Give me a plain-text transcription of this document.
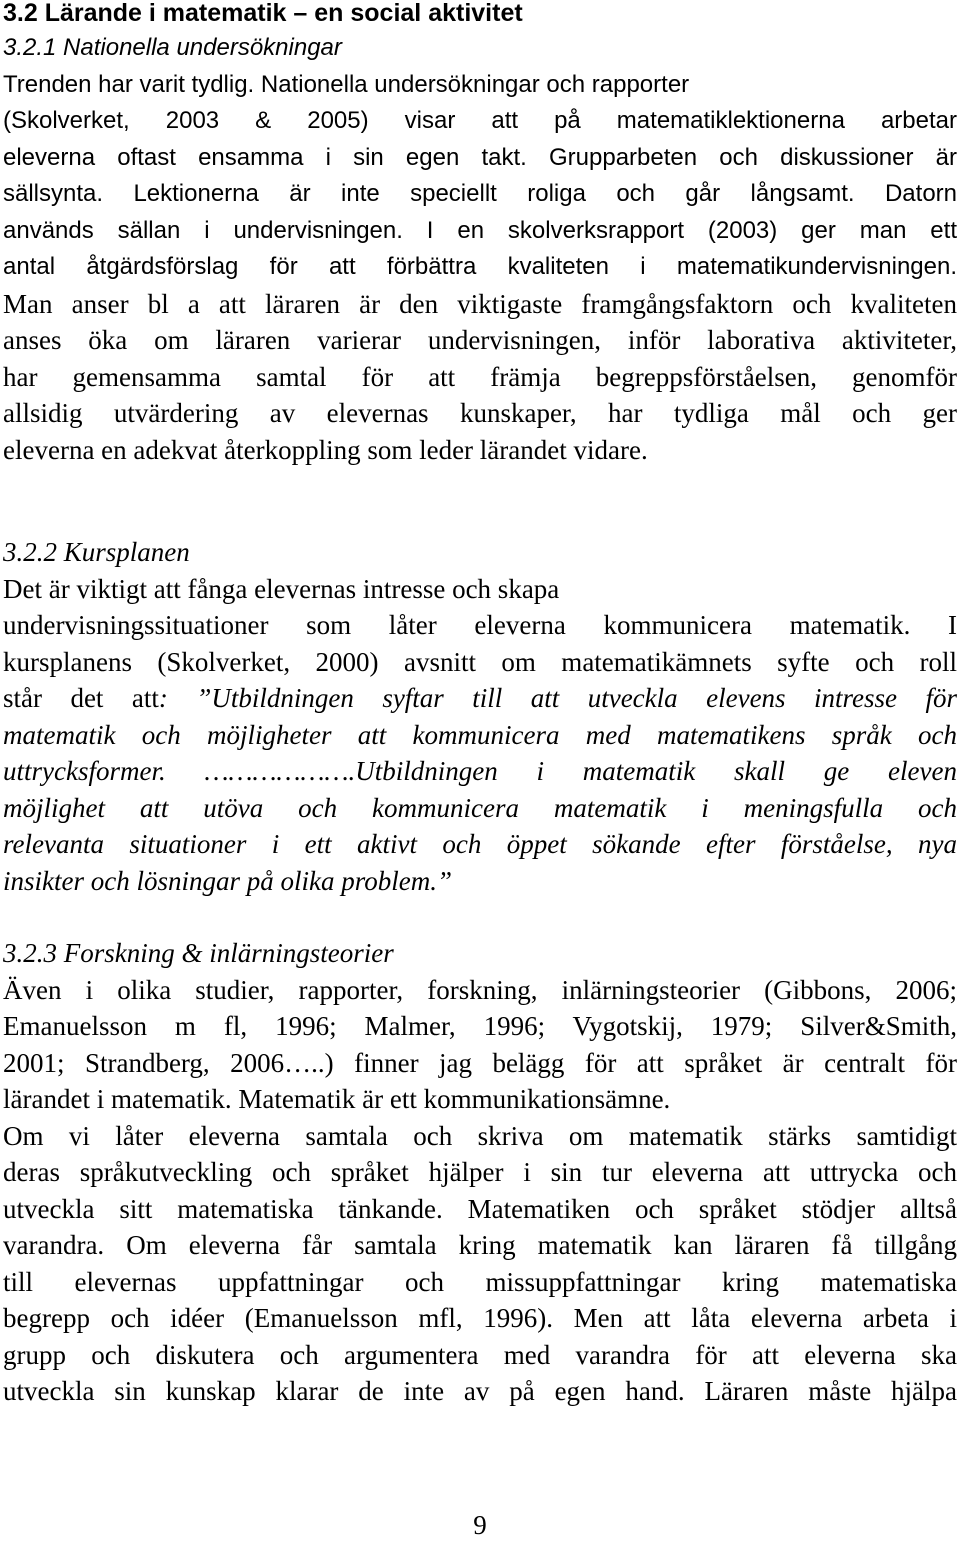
3.2 Lärande i matematik – en social aktivitet
3.2.1 Nationella undersökningar
Trenden har varit tydlig. Nationella undersökningar och rapporter
(Skolverket, 2003 & 2005) visar att på matematiklektionerna arbetar
eleverna oftast ensamma i sin egen takt. Grupparbeten och diskussioner är
sällsynta. Lektionerna är inte speciellt roliga och går långsamt. Datorn
används sällan i undervisningen. I en skolverksrapport (2003) ger man ett
antal åtgärdsförslag för att förbättra kvaliteten i matematikundervisningen.
Man anser bl a att läraren är den viktigaste framgångsfaktorn och kvaliteten
anses öka om läraren varierar undervisningen, inför laborativa aktiviteter,
har gemensamma samtal för att främja begreppsförståelsen, genomför
allsidig utvärdering av elevernas kunskaper, har tydliga mål och ger
eleverna en adekvat återkoppling som leder lärandet vidare.
3.2.2 Kursplanen
Det är viktigt att fånga elevernas intresse och skapa
undervisningssituationer som låter eleverna kommunicera matematik. I
kursplanens (Skolverket, 2000) avsnitt om matematikämnets syfte och roll
står det att: ”Utbildningen syftar till att utveckla elevens intresse för
matematik och möjligheter att kommunicera med matematikens språk och
uttrycksformer. ……………….Utbildningen i matematik skall ge eleven
möjlighet att utöva och kommunicera matematik i meningsfulla och
relevanta situationer i ett aktivt och öppet sökande efter förståelse, nya
insikter och lösningar på olika problem.”
3.2.3 Forskning & inlärningsteorier
Även i olika studier, rapporter, forskning, inlärningsteorier (Gibbons, 2006;
Emanuelsson m fl, 1996; Malmer, 1996; Vygotskij, 1979; Silver&Smith,
2001; Strandberg, 2006…..) finner jag belägg för att språket är centralt för
lärandet i matematik. Matematik är ett kommunikationsämne.
Om vi låter eleverna samtala och skriva om matematik stärks samtidigt
deras språkutveckling och språket hjälper i sin tur eleverna att uttrycka och
utveckla sitt matematiska tänkande. Matematiken och språket stödjer alltså
varandra. Om eleverna får samtala kring matematik kan läraren få tillgång
till elevernas uppfattningar och missuppfattningar kring matematiska
begrepp och idéer (Emanuelsson mfl, 1996). Men att låta eleverna arbeta i
grupp och diskutera och argumentera med varandra för att eleverna ska
utveckla sin kunskap klarar de inte av på egen hand. Läraren måste hjälpa
9
